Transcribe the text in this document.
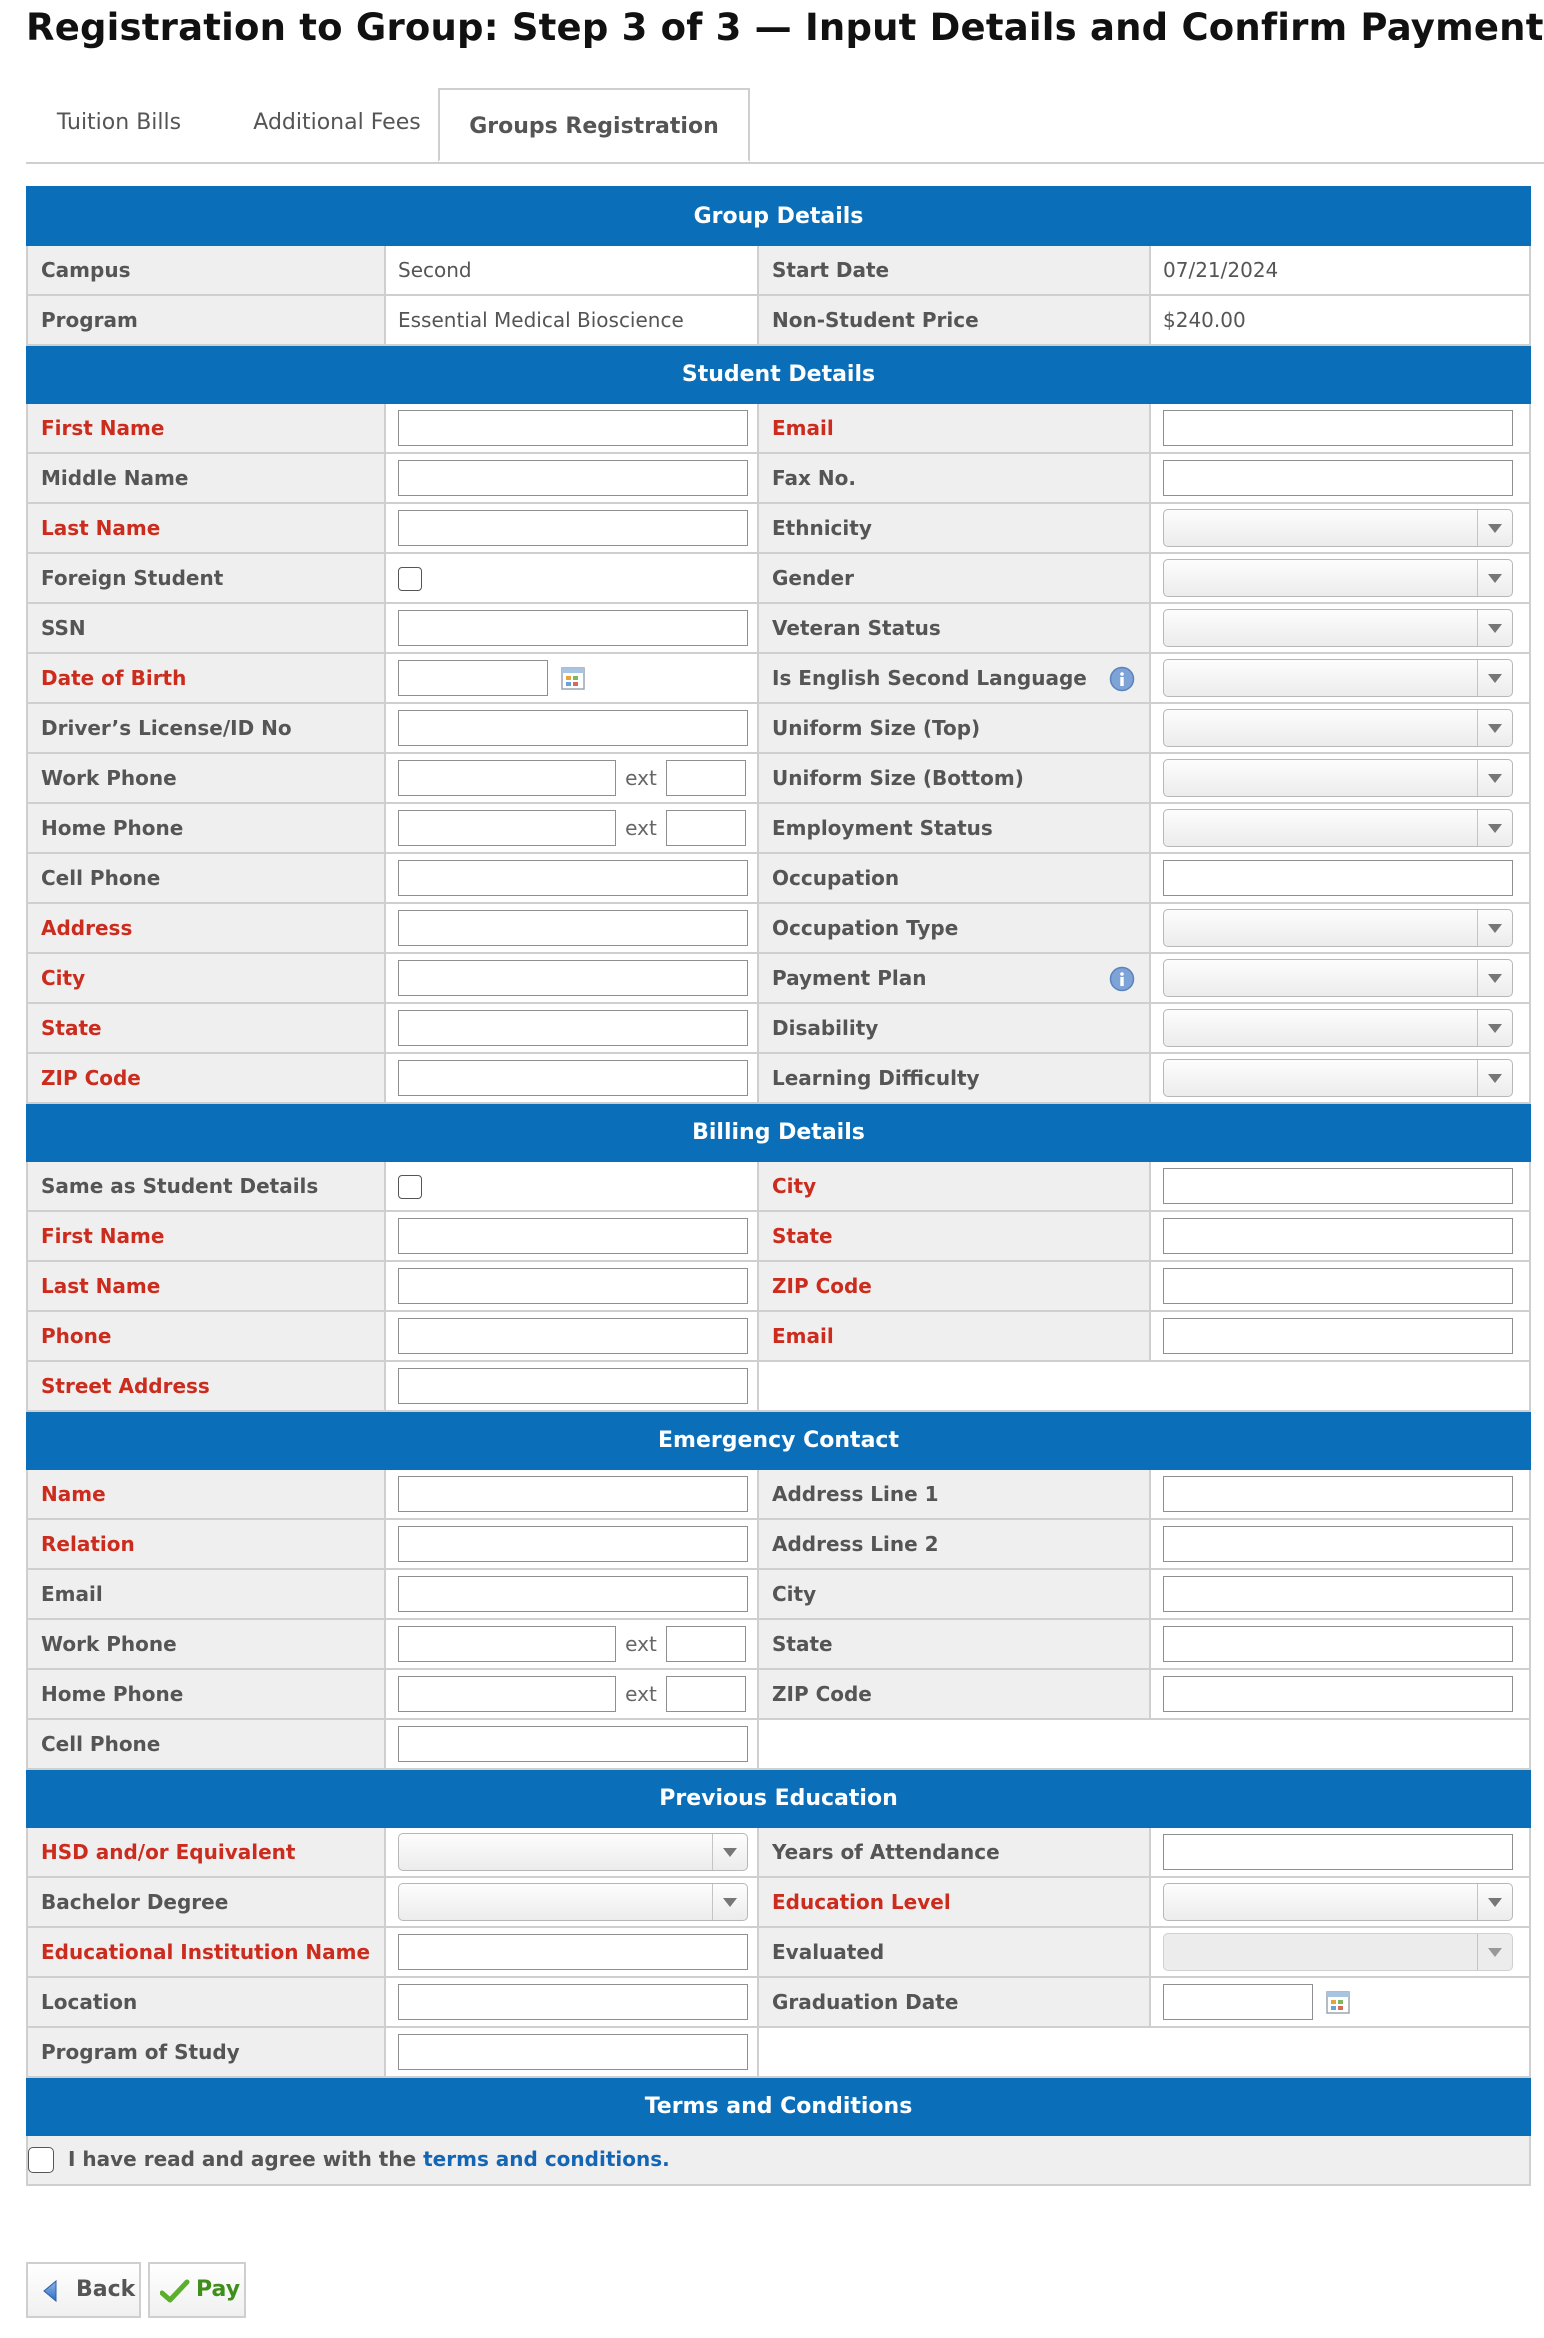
Registration to Group: Step 3 of 3 — Input Details and Confirm Payment
Tuition Bills	Additional Fees	Groups Registration
Group Details			
Campus	Second	Start Date	07/21/2024
Program	Essential Medical Bioscience	Non-Student Price	$240.00
Student Details			
First Name		Email	
Middle Name		Fax No.	
Last Name		Ethnicity	

Foreign Student		Gender	

SSN		Veteran Status	

Date of Birth		Is English Second Language

Driver’s License/ID No		Uniform Size (Top)	

Work Phone	ext	Uniform Size (Bottom)	

Home Phone	ext	Employment Status	

Cell Phone		Occupation	
Address		Occupation Type	

City		Payment Plan

State		Disability	

ZIP Code		Learning Difficulty	

Billing Details			
Same as Student Details		City	
First Name		State	
Last Name		ZIP Code	
Phone		Email	
Street Address			
Emergency Contact			
Name		Address Line 1	
Relation		Address Line 2	
Email		City	
Work Phone	ext	State	
Home Phone	ext	ZIP Code	
Cell Phone			
Previous Education			
HSD and/or Equivalent		Years of Attendance	
Bachelor Degree		Education Level	

Educational Institution Name		Evaluated	

Location		Graduation Date	
Program of Study			
Terms and Conditions			
I have read and agree with the terms and conditions.			
Back	Pay
